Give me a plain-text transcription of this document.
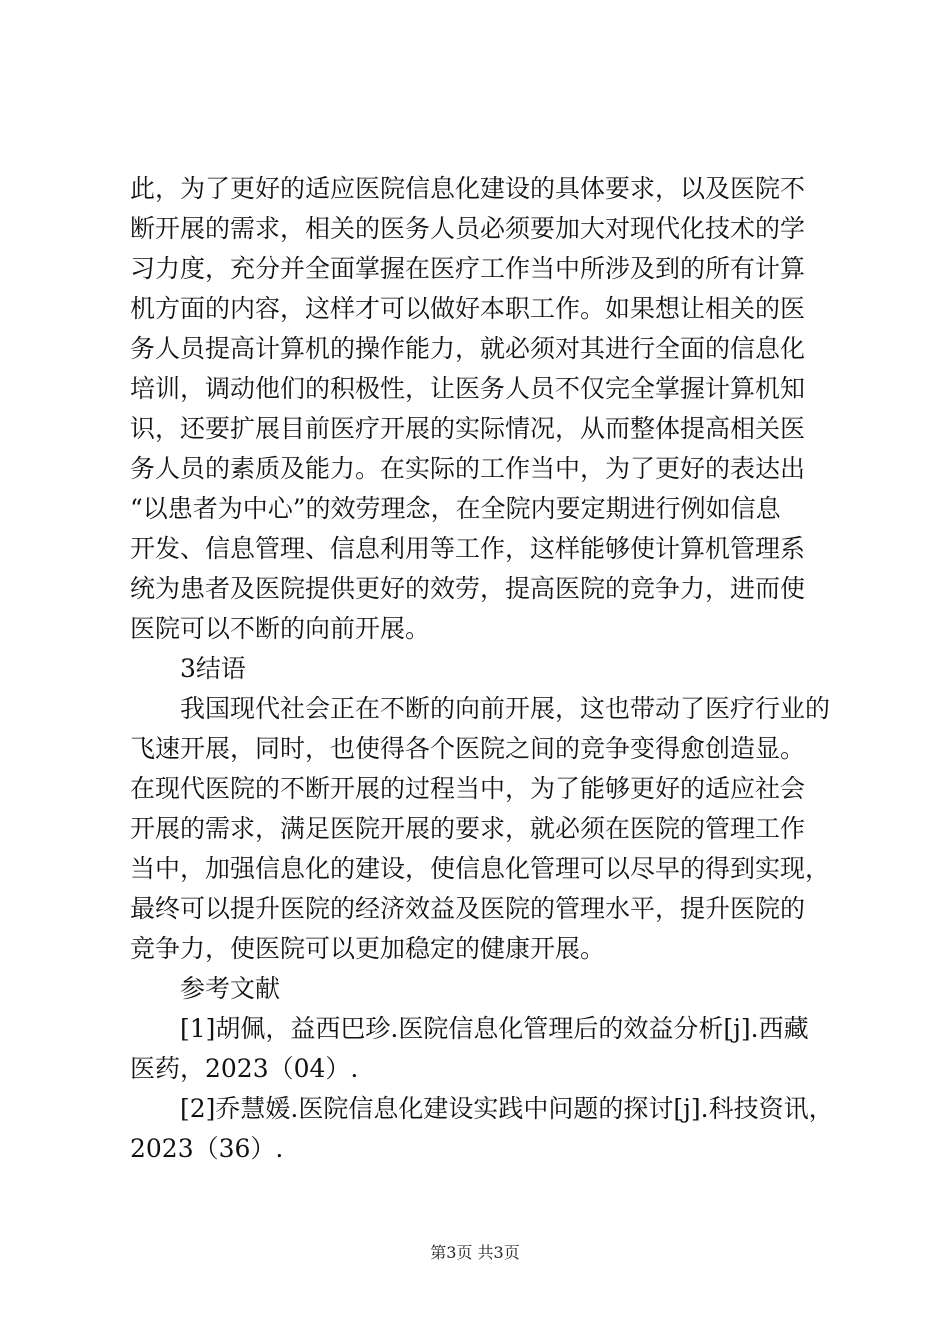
此，为了更好的适应医院信息化建设的具体要求，以及医院不

断开展的需求，相关的医务人员必须要加大对现代化技术的学

习力度，充分并全面掌握在医疗工作当中所涉及到的所有计算

机方面的内容，这样才可以做好本职工作。如果想让相关的医

务人员提高计算机的操作能力，就必须对其进行全面的信息化

培训，调动他们的积极性，让医务人员不仅完全掌握计算机知

识，还要扩展目前医疗开展的实际情况，从而整体提高相关医

务人员的素质及能力。在实际的工作当中，为了更好的表达出

“以患者为中心”的效劳理念，在全院内要定期进行例如信息

开发、信息管理、信息利用等工作，这样能够使计算机管理系

统为患者及医院提供更好的效劳，提高医院的竞争力，进而使

医院可以不断的向前开展。

3结语

我国现代社会正在不断的向前开展，这也带动了医疗行业的

飞速开展，同时，也使得各个医院之间的竞争变得愈创造显。

在现代医院的不断开展的过程当中，为了能够更好的适应社会

开展的需求，满足医院开展的要求，就必须在医院的管理工作

当中，加强信息化的建设，使信息化管理可以尽早的得到实现，

最终可以提升医院的经济效益及医院的管理水平，提升医院的

竞争力，使医院可以更加稳定的健康开展。

参考文献

[1]胡佩，益西巴珍.医院信息化管理后的效益分析[j].西藏

医药，2023（04）.

[2]乔慧媛.医院信息化建设实践中问题的探讨[j].科技资讯，

2023（36）.

第3页 共3页
